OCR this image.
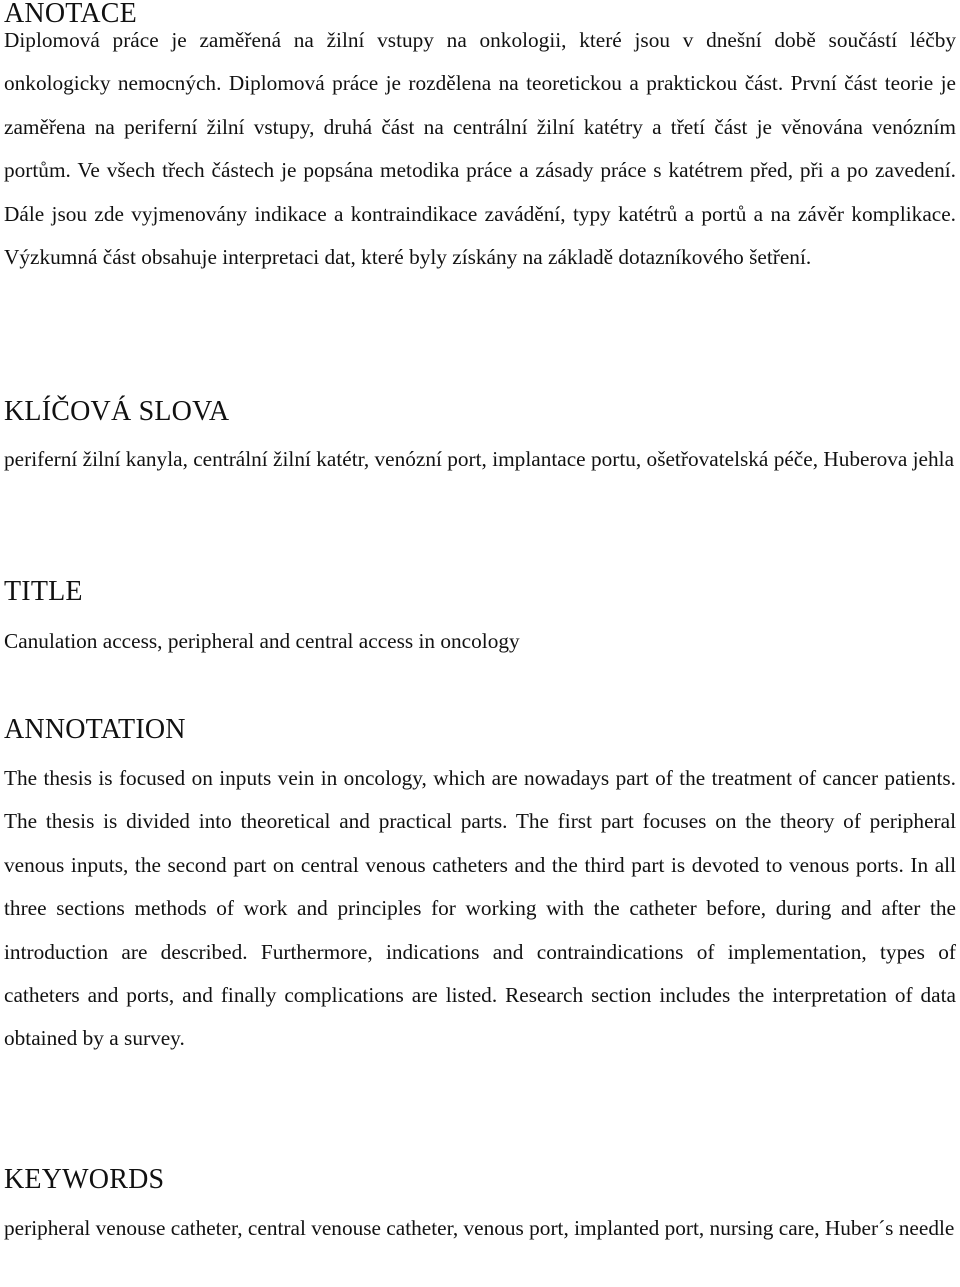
ANOTACE

Diplomová práce je zaměřená na žilní vstupy na onkologii, které jsou v dnešní době součástí léčby onkologicky nemocných. Diplomová práce je rozdělena na teoretickou a praktickou část. První část teorie je zaměřena na periferní žilní vstupy, druhá část na centrální žilní katétry a třetí část je věnována venózním portům. Ve všech třech částech je popsána metodika práce a zásady práce s katétrem před, při a po zavedení. Dále jsou zde vyjmenovány indikace a kontraindikace zavádění, typy katétrů a portů a na závěr komplikace. Výzkumná část obsahuje interpretaci dat, které byly získány na základě dotazníkového šetření.

KLÍČOVÁ SLOVA

periferní žilní kanyla, centrální žilní katétr, venózní port, implantace portu, ošetřovatelská péče, Huberova jehla

TITLE

Canulation access, peripheral and central access in oncology

ANNOTATION

The thesis is focused on inputs vein in oncology, which are nowadays part of the treatment of cancer patients. The thesis is divided into theoretical and practical parts. The first part focuses on the theory of peripheral venous inputs, the second part on central venous catheters and the third part is devoted to venous ports. In all three sections methods of work and principles for working with the catheter before, during and after the introduction are described. Furthermore, indications and contraindications of implementation, types of catheters and ports, and finally complications are listed. Research section includes the interpretation of data obtained by a survey.

KEYWORDS

peripheral venouse catheter, central venouse catheter, venous port, implanted port, nursing care, Huber´s needle
